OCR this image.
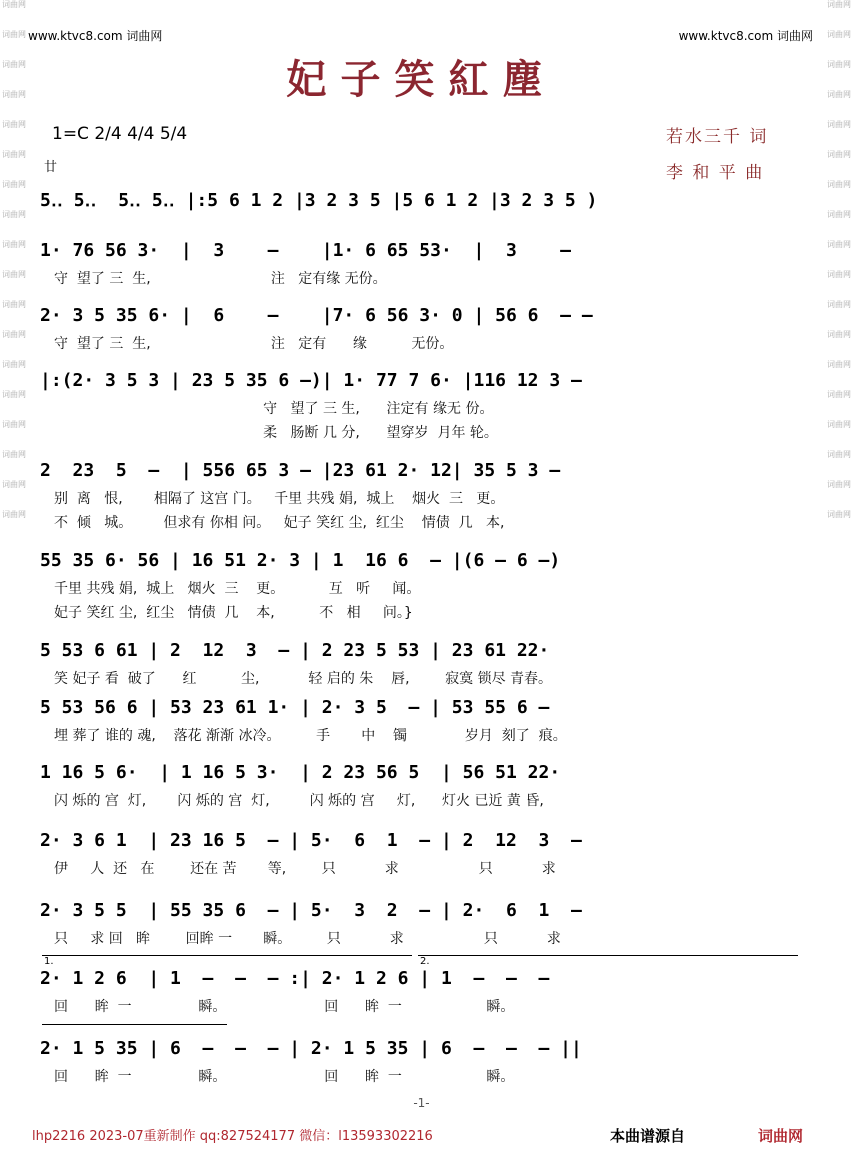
www.ktvc8.com 词曲网	www.ktvc8.com 词曲网
妃子笑紅塵
1=C 2/4 4/4 5/4
廿
若水三千 词
李 和 平 曲
词曲网

词曲网

词曲网

词曲网

词曲网

词曲网

词曲网

词曲网

词曲网

词曲网

词曲网

词曲网

词曲网

词曲网

词曲网

词曲网

词曲网

词曲网

词曲网

词曲网

词曲网

词曲网

词曲网

词曲网

词曲网

词曲网

词曲网

词曲网

词曲网

词曲网

词曲网

词曲网

词曲网

词曲网

词曲网

词曲网

5‥ 5‥  5‥ 5‥ |:5 6 1 2 |3 2 3 5 |5 6 1 2 |3 2 3 5 )
1· 76 56 3·  |  3    —    |1· 6 65 53·  |  3    —
守  望了 三  生,                           注   定有缘 无份。
2· 3 5 35 6· |  6    —    |7· 6 56 3· 0 | 56 6  — —
守  望了 三  生,                           注   定有      缘          无份。
|:(2· 3 5 3 | 23 5 35 6 —)| 1· 77 7 6· |116 12 3 —
守   望了 三 生,      注定有 缘无 份。
柔   肠断 几 分,      望穿岁  月年 轮。
2  23  5  —  | 556 65 3 — |23 61 2· 12| 35 5 3 —
别  离   恨,       相隔了 这宫 门。   千里 共残 娟,  城上    烟火  三   更。
不  倾   城。       但求有 你相 问。   妃子 笑红 尘,  红尘    情债  几   本,
55 35 6· 56 | 16 51 2· 3 | 1  16 6  — |(6 — 6 —)
千里 共残 娟,  城上   烟火  三    更。          互   听     闻。
妃子 笑红 尘,  红尘   情债  几    本,          不   相     问。}
5 53 6 61 | 2  12  3  — | 2 23 5 53 | 23 61 22·
笑 妃子 看  破了      红          尘,           轻 启的 朱    唇,        寂寞 锁尽 青春。
5 53 56 6 | 53 23 61 1· | 2· 3 5  — | 53 55 6 —
埋 葬了 谁的 魂,    落花 渐渐 冰冷。        手       中    镯             岁月  刻了  痕。
1 16 5 6·  | 1 16 5 3·  | 2 23 56 5  | 56 51 22·
闪 烁的 宫  灯,       闪 烁的 宫  灯,         闪 烁的 宫     灯,      灯火 已近 黄 昏,
2· 3 6 1  | 23 16 5  — | 5·  6  1  — | 2  12  3  —
伊     人  还   在        还在 苦       等,        只           求                  只           求
2· 3 5 5  | 55 35 6  — | 5·  3  2  — | 2·  6  1  —
只     求 回   眸        回眸 一       瞬。        只           求                  只           求
2· 1 2 6  | 1  —  —  — :| 2· 1 2 6 | 1  —  —  —
回      眸  一               瞬。                      回      眸  一                   瞬。
2· 1 5 35 | 6  —  —  — | 2· 1 5 35 | 6  —  —  — ||
回      眸  一               瞬。                      回      眸  一                   瞬。
1.	2.
-1-
lhp2216 2023-07重新制作 qq:827524177 微信：l13593302216	本曲谱源自	词曲网
